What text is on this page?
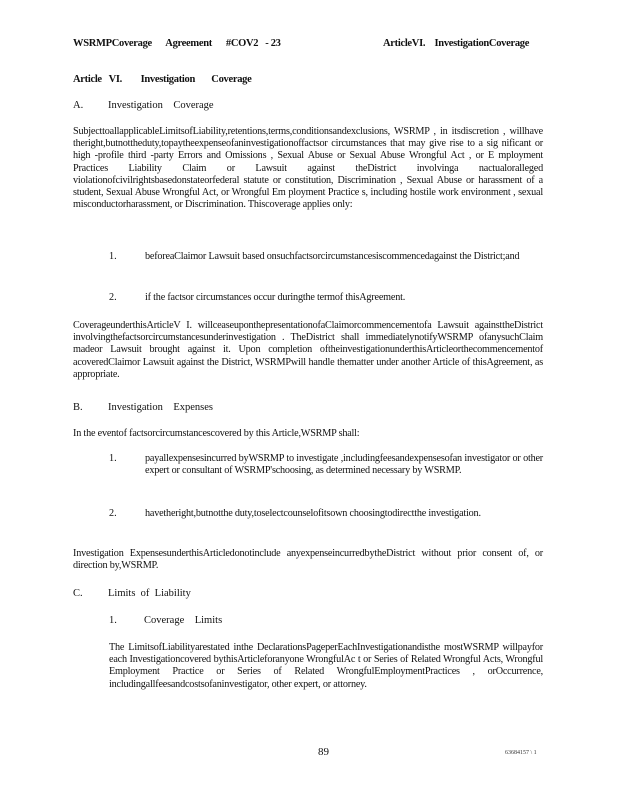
WSRMPCoverage      Agreement      #COV2   - 23	ArticleVI.    InvestigationCoverage
Article   VI.        Investigation       Coverage
A. Investigation    Coverage

SubjecttoallapplicableLimitsofLiability,retentions,terms,conditionsandexclusions, WSRMP , in itsdiscretion , willhave theright,butnottheduty,topaytheexpenseofaninvestigationoffactsor circumstances that may give rise to a sig nificant or high -profile third -party Errors and Omissions , Sexual Abuse or Sexual Abuse Wrongful Act , or E mployment Practices Liability Claim or Lawsuit against theDistrict involvinga nactualoralleged violationofcivilrightsbasedonstateorfederal statute or constitution, Discrimination , Sexual Abuse or harassment of a student, Sexual Abuse Wrongful Act, or Wrongful Em ployment Practice s, including hostile work environment , sexual misconductorharassment, or Discrimination. Thiscoverage applies only:

1.	beforeaClaimor Lawsuit based onsuchfactsorcircumstancesiscommencedagainst the District;and
2.	if the factsor circumstances occur duringthe termof thisAgreement.

CoverageunderthisArticleV I. willceaseuponthepresentationofaClaimorcommencementofa Lawsuit againsttheDistrict involvingthefactsorcircumstancesunderinvestigation . TheDistrict shall immediatelynotifyWSRMP ofanysuchClaim madeor Lawsuit brought against it. Upon completion oftheinvestigationunderthisArticleorthecommencementof acoveredClaimor Lawsuit against the District, WSRMPwill handle thematter under another Article of thisAgreement, as appropriate.

B. Investigation    Expenses

In the eventof factsorcircumstancescovered by this Article,WSRMP shall:

1.	payallexpensesincurred byWSRMP to investigate ,includingfeesandexpensesofan investigator or other expert or consultant of WSRMP'schoosing, as determined necessary by WSRMP.
2.	havetheright,butnotthe duty,toselectcounselofitsown choosingtodirectthe investigation.

Investigation ExpensesunderthisArticledonotinclude anyexpenseincurredbytheDistrict without prior consent of, or direction by,WSRMP.

C. Limits  of  Liability
1.	Coverage    Limits

The LimitsofLiabilityarestated inthe DeclarationsPageperEachInvestigationandisthe mostWSRMP willpayfor each Investigationcovered bythisArticleforanyone WrongfulAc t or Series of Related Wrongful Acts, Wrongful Employment Practice or Series of Related WrongfulEmploymentPractices , orOccurrence, includingallfeesandcostsofaninvestigator, other expert, or attorney.

89	63684157 \ 1
